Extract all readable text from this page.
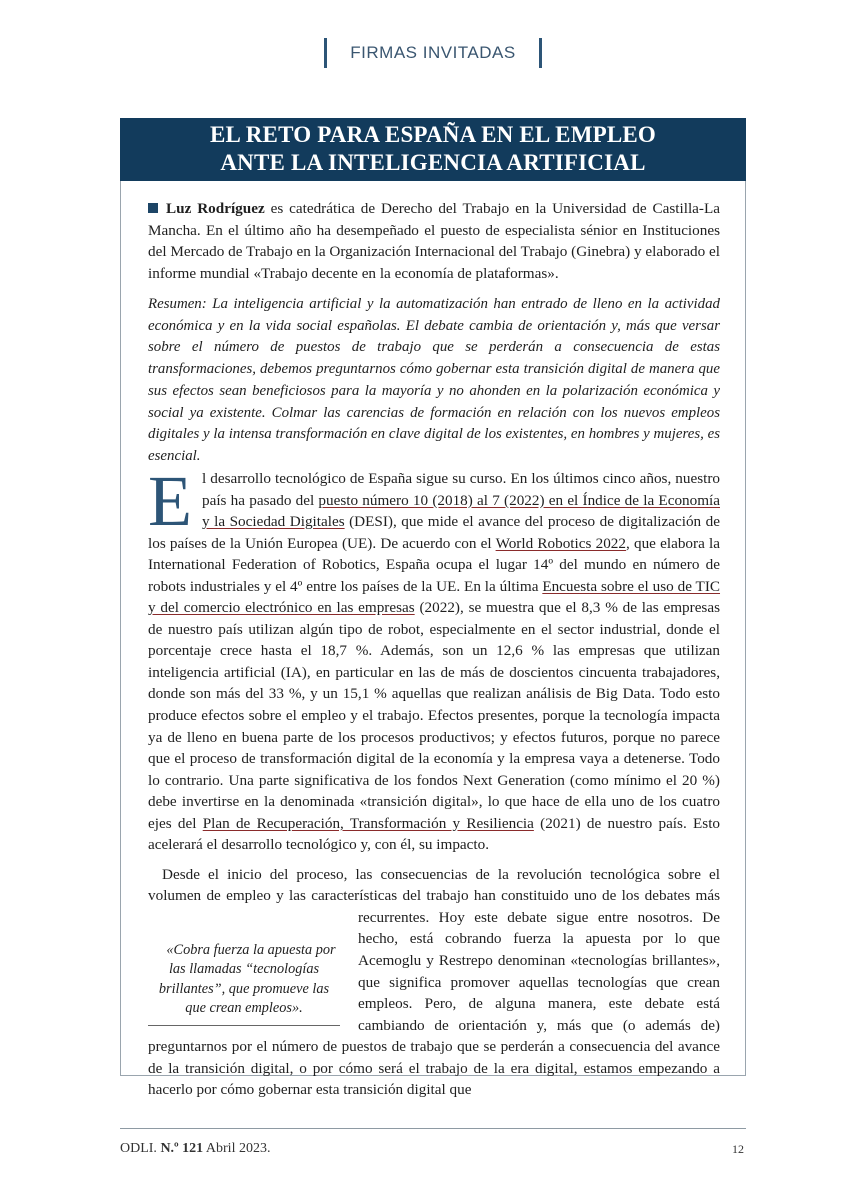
FIRMAS INVITADAS
EL RETO PARA ESPAÑA EN EL EMPLEO
ANTE LA INTELIGENCIA ARTIFICIAL

Luz Rodríguez es catedrática de Derecho del Trabajo en la Universidad de Castilla-La Mancha. En el último año ha desempeñado el puesto de especialista sénior en Instituciones del Mercado de Trabajo en la Organización Internacional del Trabajo (Ginebra) y elaborado el informe mundial «Trabajo decente en la economía de plataformas».

Resumen: La inteligencia artificial y la automatización han entrado de lleno en la actividad económica y en la vida social españolas. El debate cambia de orientación y, más que versar sobre el número de puestos de trabajo que se perderán a consecuencia de estas transformaciones, debemos preguntarnos cómo gobernar esta transición digital de manera que sus efectos sean beneficiosos para la mayoría y no ahonden en la polarización económica y social ya existente. Colmar las carencias de formación en relación con los nuevos empleos digitales y la intensa transformación en clave digital de los existentes, en hombres y mujeres, es esencial.

El desarrollo tecnológico de España sigue su curso. En los últimos cinco años, nuestro país ha pasado del puesto número 10 (2018) al 7 (2022) en el Índice de la Economía y la Sociedad Digitales (DESI), que mide el avance del proceso de digitalización de los países de la Unión Europea (UE). De acuerdo con el World Robotics 2022, que elabora la International Federation of Robotics, España ocupa el lugar 14º del mundo en número de robots industriales y el 4º entre los países de la UE. En la última Encuesta sobre el uso de TIC y del comercio electrónico en las empresas (2022), se muestra que el 8,3 % de las empresas de nuestro país utilizan algún tipo de robot, especialmente en el sector industrial, donde el porcentaje crece hasta el 18,7 %. Además, son un 12,6 % las empresas que utilizan inteligencia artificial (IA), en particular en las de más de doscientos cincuenta trabajadores, donde son más del 33 %, y un 15,1 % aquellas que realizan análisis de Big Data. Todo esto produce efectos sobre el empleo y el trabajo. Efectos presentes, porque la tecnología impacta ya de lleno en buena parte de los procesos productivos; y efectos futuros, porque no parece que el proceso de transformación digital de la economía y la empresa vaya a detenerse. Todo lo contrario. Una parte significativa de los fondos Next Generation (como mínimo el 20 %) debe invertirse en la denominada «transición digital», lo que hace de ella uno de los cuatro ejes del Plan de Recuperación, Transformación y Resiliencia (2021) de nuestro país. Esto acelerará el desarrollo tecnológico y, con él, su impacto.

Desde el inicio del proceso, las consecuencias de la revolución tecnológica sobre el volumen de empleo y las características del trabajo han constituido uno de los debates
«Cobra fuerza la apuesta por las llamadas “tecnologías brillantes”, que promueve las que crean empleos».
más recurrentes. Hoy este debate sigue entre nosotros. De hecho, está cobrando fuerza la apuesta por lo que Acemoglu y Restrepo denominan «tecnologías brillantes», que significa promover aquellas tecnologías que crean empleos. Pero, de alguna manera, este debate está cambiando de orientación y, más que (o además de) preguntarnos por el número de puestos de trabajo que se perderán a consecuencia del avance de la transición digital, o por cómo será el trabajo de la era digital, estamos empezando a hacerlo por cómo gobernar esta transición digital que

ODLI. N.º 121 Abril 2023.	12
